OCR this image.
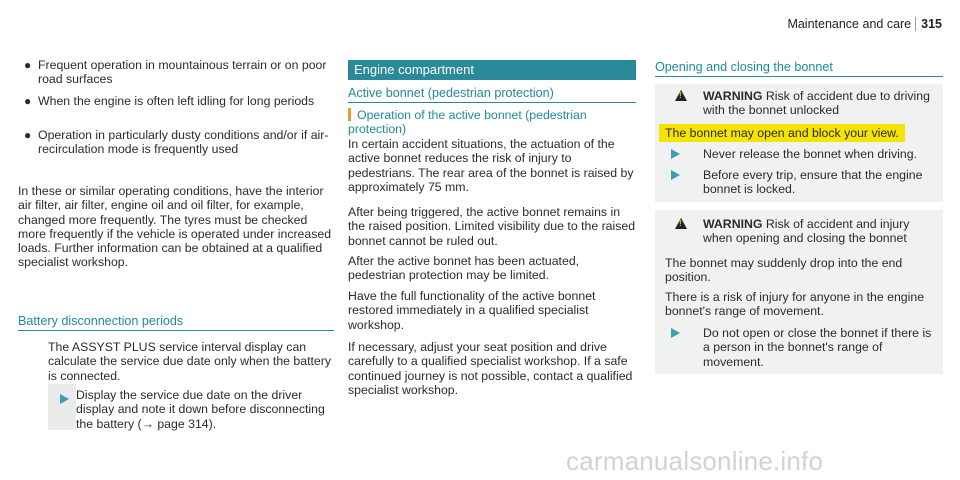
Maintenance and care 315
● Frequent operation in mountainous terrain or on poor road surfaces

● When the engine is often left idling for long periods

● Operation in particularly dusty conditions and/or if air-recirculation mode is frequently used

In these or similar operating conditions, have the interior air filter, air filter, engine oil and oil filter, for example, changed more frequently. The tyres must be checked more frequently if the vehicle is operated under increased loads. Further information can be obtained at a qualified specialist workshop.

Battery disconnection periods

The ASSYST PLUS service interval display can calculate the service due date only when the battery is connected.

Display the service due date on the driver display and note it down before disconnecting the battery (→ page 314).

Engine compartment
Active bonnet (pedestrian protection)
Operation of the active bonnet (pedestrian protection)

In certain accident situations, the actuation of the active bonnet reduces the risk of injury to pedestrians. The rear area of the bonnet is raised by approximately 75 mm.

After being triggered, the active bonnet remains in the raised position. Limited visibility due to the raised bonnet cannot be ruled out.

After the active bonnet has been actuated, pedestrian protection may be limited.

Have the full functionality of the active bonnet restored immediately in a qualified specialist workshop.

If necessary, adjust your seat position and drive carefully to a qualified specialist workshop. If a safe continued journey is not possible, contact a qualified specialist workshop.

Opening and closing the bonnet
!

WARNING Risk of accident due to driving with the bonnet unlocked

The bonnet may open and block your view.

Never release the bonnet when driving.

Before every trip, ensure that the engine bonnet is locked.

!

WARNING Risk of accident and injury when opening and closing the bonnet

The bonnet may suddenly drop into the end position.

There is a risk of injury for anyone in the engine bonnet's range of movement.

Do not open or close the bonnet if there is a person in the bonnet's range of movement.

carmanualsonline.info
